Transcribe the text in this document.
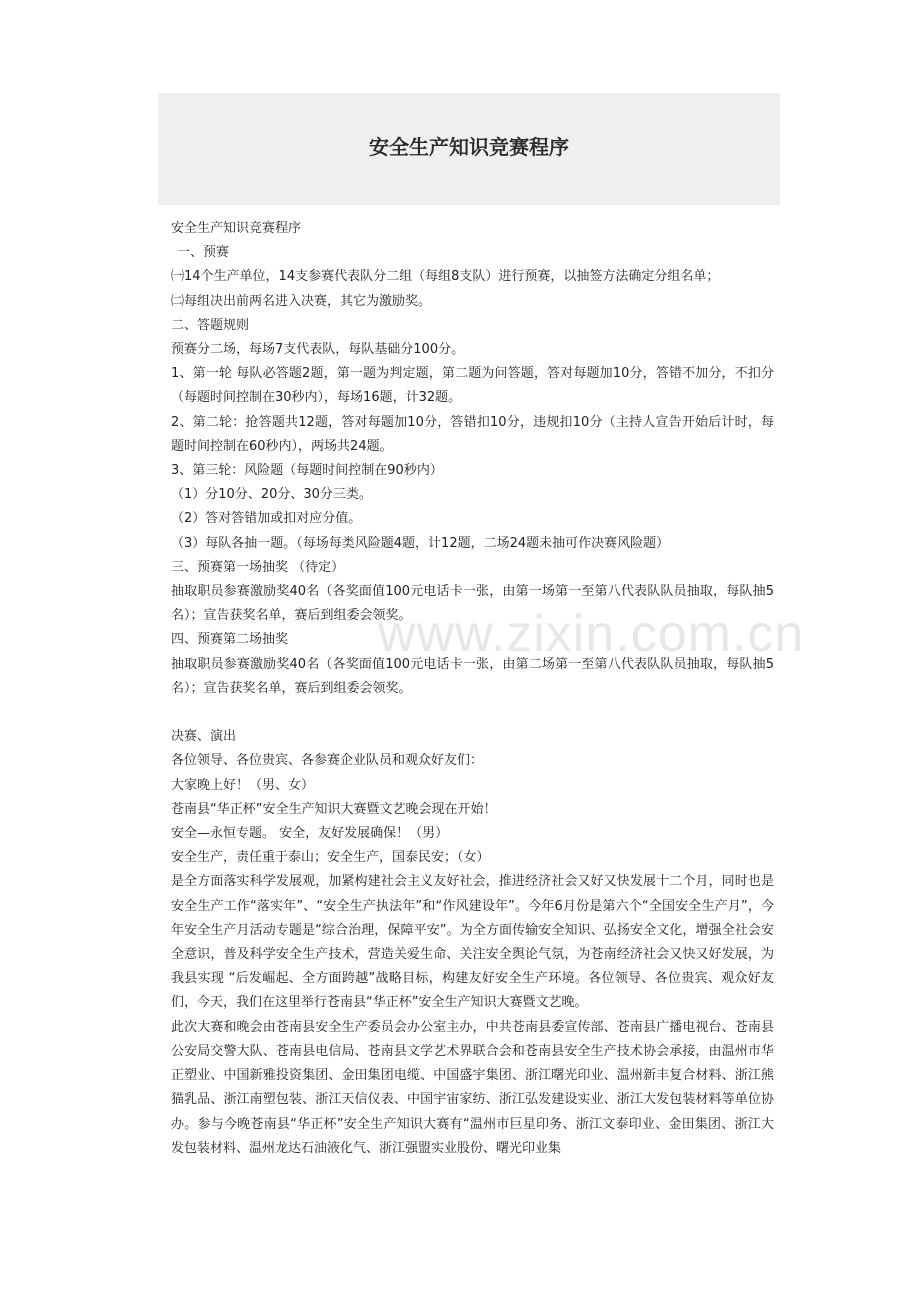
安全生产知识竞赛程序

安全生产知识竞赛程序

一、预赛

㈠14个生产单位，14支参赛代表队分二组（每组8支队）进行预赛，以抽签方法确定分组名单；

㈡每组决出前两名进入决赛，其它为激励奖。

二、答题规则

预赛分二场，每场7支代表队，每队基础分100分。

1、第一轮 每队必答题2题，第一题为判定题，第二题为问答题，答对每题加10分，答错不加分，不扣分（每题时间控制在30秒内），每场16题，计32题。

2、第二轮：抢答题共12题，答对每题加10分，答错扣10分，违规扣10分（主持人宣告开始后计时，每题时间控制在60秒内），两场共24题。

3、第三轮：风险题（每题时间控制在90秒内）

（1）分10分、20分、30分三类。

（2）答对答错加或扣对应分值。

（3）每队各抽一题。（每场每类风险题4题，计12题，二场24题未抽可作决赛风险题）

三、预赛第一场抽奖 （待定）

抽取职员参赛激励奖40名（各奖面值100元电话卡一张，由第一场第一至第八代表队队员抽取，每队抽5名）；宣告获奖名单，赛后到组委会领奖。

四、预赛第二场抽奖

抽取职员参赛激励奖40名（各奖面值100元电话卡一张，由第二场第一至第八代表队队员抽取，每队抽5名）；宣告获奖名单，赛后到组委会领奖。

决赛、演出

各位领导、各位贵宾、各参赛企业队员和观众好友们：

大家晚上好！（男、女）

苍南县“华正杯”安全生产知识大赛暨文艺晚会现在开始！

安全—永恒专题。 安全，友好发展确保！（男）

安全生产，责任重于泰山；安全生产，国泰民安；（女）

是全方面落实科学发展观，加紧构建社会主义友好社会，推进经济社会又好又快发展十二个月，同时也是安全生产工作“落实年”、“安全生产执法年”和“作风建设年”。今年6月份是第六个“全国安全生产月”，今年安全生产月活动专题是“综合治理，保障平安”。为全方面传输安全知识、弘扬安全文化，增强全社会安全意识，普及科学安全生产技术，营造关爱生命、关注安全舆论气氛，为苍南经济社会又快又好发展，为我县实现 “后发崛起、全方面跨越”战略目标，构建友好安全生产环境。各位领导、各位贵宾、观众好友们，今天，我们在这里举行苍南县“华正杯”安全生产知识大赛暨文艺晚。

此次大赛和晚会由苍南县安全生产委员会办公室主办，中共苍南县委宣传部、苍南县广播电视台、苍南县公安局交警大队、苍南县电信局、苍南县文学艺术界联合会和苍南县安全生产技术协会承接，由温州市华正塑业、中国新雅投资集团、金田集团电缆、中国盛宇集团、浙江曙光印业、温州新丰复合材料、浙江熊猫乳品、浙江南塑包装、浙江天信仪表、中国宇宙家纺、浙江弘发建设实业、浙江大发包装材料等单位协办。参与今晚苍南县“华正杯”安全生产知识大赛有“温州市巨星印务、浙江文泰印业、金田集团、浙江大发包装材料、温州龙达石油液化气、浙江强盟实业股份、曙光印业集

www.zixin.com.cn
